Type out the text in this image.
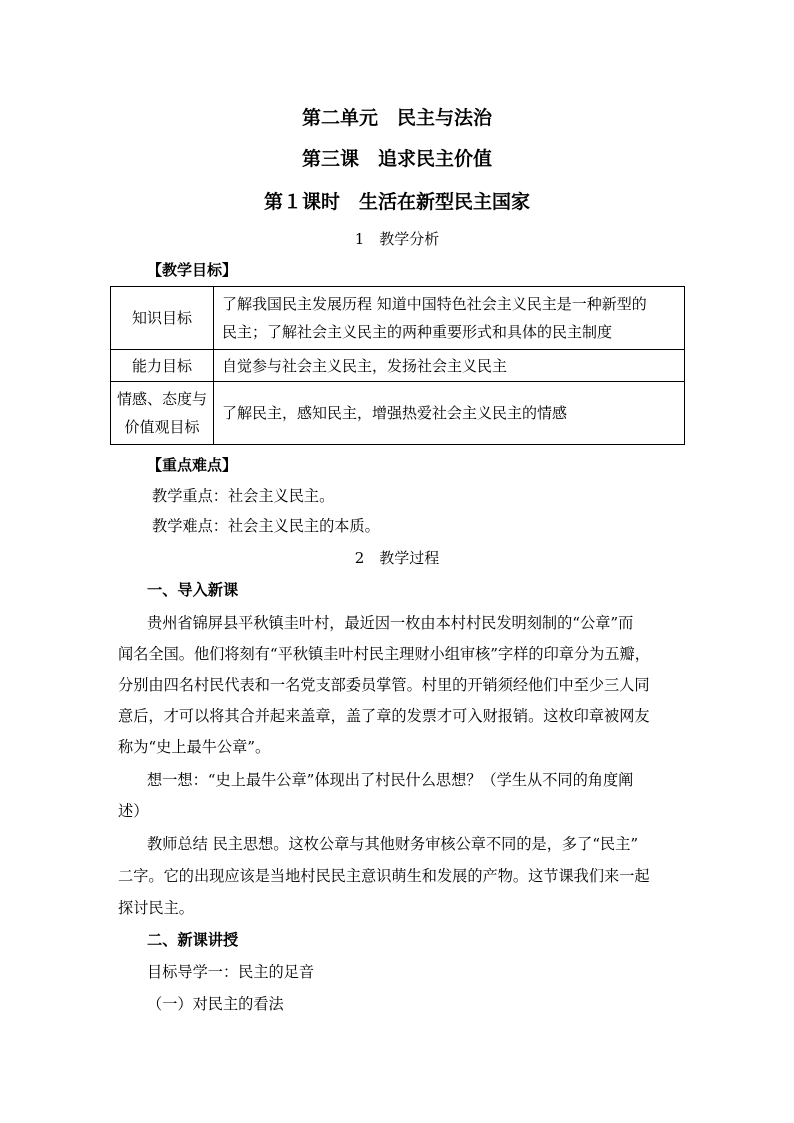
第二单元　民主与法治
第三课　追求民主价值
第１课时　生活在新型民主国家
1　教学分析
【教学目标】
知识目标	了解我国民主发展历程 知道中国特色社会主义民主是一种新型的
民主；了解社会主义民主的两种重要形式和具体的民主制度

能力目标	自觉参与社会主义民主，发扬社会主义民主

情感、态度与
价值观目标	了解民主，感知民主，增强热爱社会主义民主的情感
【重点难点】
教学重点：社会主义民主。
教学难点：社会主义民主的本质。
2　教学过程
一、导入新课
贵州省锦屏县平秋镇圭叶村，最近因一枚由本村村民发明刻制的“公章”而
闻名全国。他们将刻有“平秋镇圭叶村民主理财小组审核”字样的印章分为五瓣，
分别由四名村民代表和一名党支部委员掌管。村里的开销须经他们中至少三人同
意后，才可以将其合并起来盖章，盖了章的发票才可入财报销。这枚印章被网友
称为“史上最牛公章”。
想一想：“史上最牛公章”体现出了村民什么思想？（学生从不同的角度阐
述）
教师总结 民主思想。这枚公章与其他财务审核公章不同的是，多了“民主”
二字。它的出现应该是当地村民民主意识萌生和发展的产物。这节课我们来一起
探讨民主。
二、新课讲授
目标导学一：民主的足音
（一）对民主的看法
